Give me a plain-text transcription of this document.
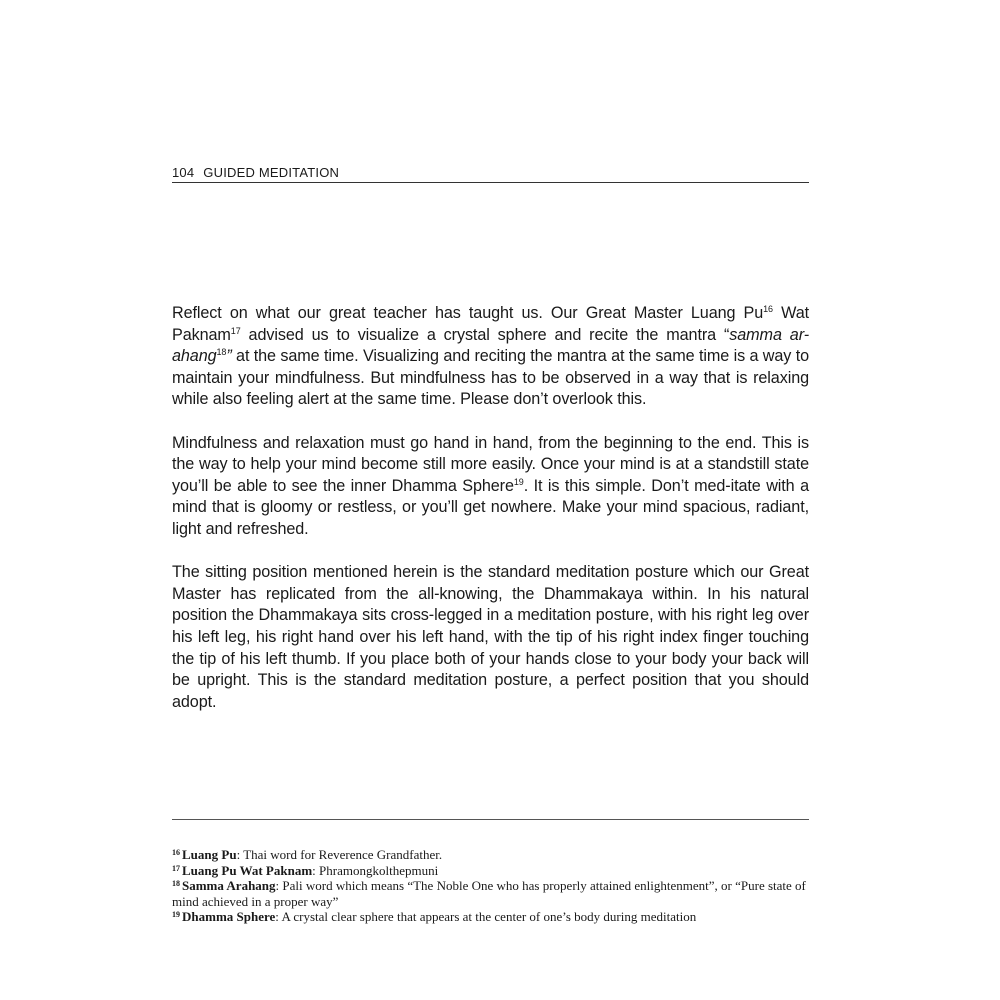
104 GUIDED MEDITATION

Reflect on what our great teacher has taught us. Our Great Master Luang Pu$^{16}$ Wat Paknam$^{17}$ advised us to visualize a crystal sphere and recite the mantra “samma ar-ahang$^{18}$” at the same time. Visualizing and reciting the mantra at the same time is a way to maintain your mindfulness. But mindfulness has to be observed in a way that is relaxing while also feeling alert at the same time. Please don’t overlook this.

Mindfulness and relaxation must go hand in hand, from the beginning to the end. This is the way to help your mind become still more easily. Once your mind is at a standstill state you’ll be able to see the inner Dhamma Sphere$^{19}$. It is this simple. Don’t med-itate with a mind that is gloomy or restless, or you’ll get nowhere. Make your mind spacious, radiant, light and refreshed.

The sitting position mentioned herein is the standard meditation posture which our Great Master has replicated from the all-knowing, the Dhammakaya within. In his natural position the Dhammakaya sits cross-legged in a meditation posture, with his right leg over his left leg, his right hand over his left hand, with the tip of his right index finger touching the tip of his left thumb. If you place both of your hands close to your body your back will be upright. This is the standard meditation posture, a perfect position that you should adopt.

$^{16}$ Luang Pu: Thai word for Reverence Grandfather.

$^{17}$ Luang Pu Wat Paknam: Phramongkolthepmuni

$^{18}$ Samma Arahang: Pali word which means “The Noble One who has properly attained enlightenment”, or “Pure state of mind achieved in a proper way”

$^{19}$ Dhamma Sphere: A crystal clear sphere that appears at the center of one’s body during meditation
